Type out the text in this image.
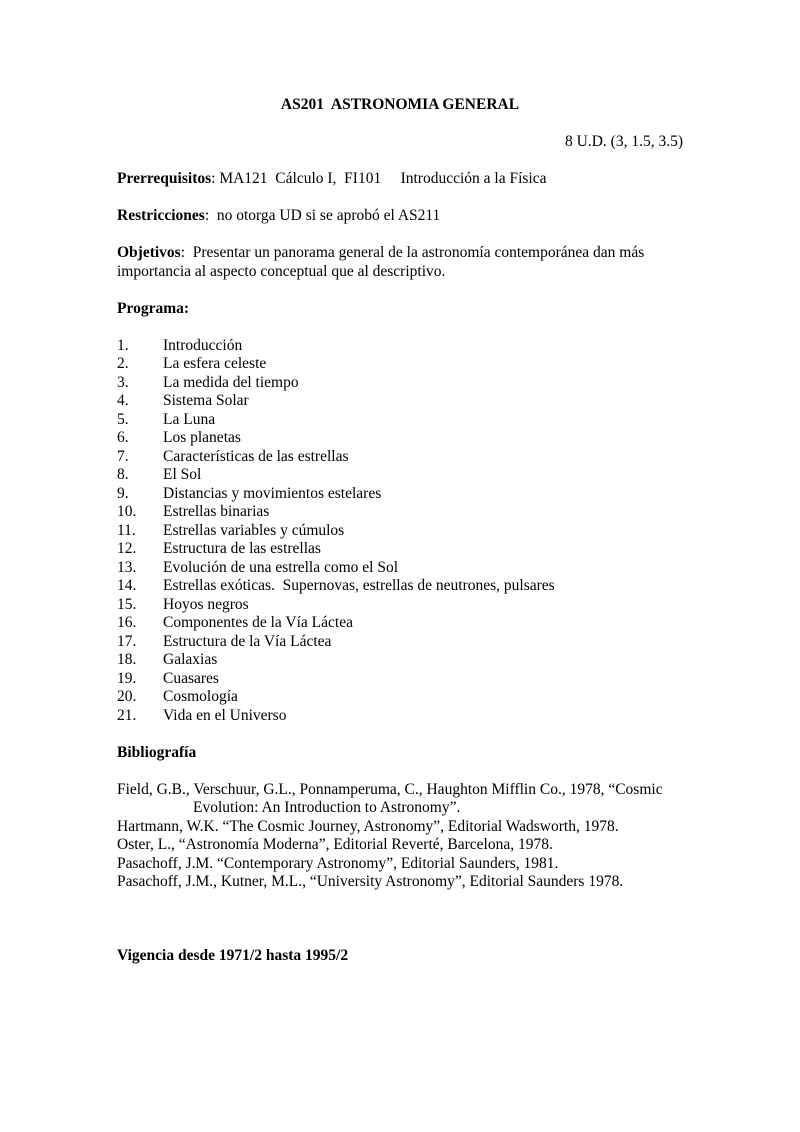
AS201  ASTRONOMIA GENERAL
8 U.D. (3, 1.5, 3.5)
Prerrequisitos: MA121  Cálculo I,  FI101     Introducción a la Física
Restricciones:  no otorga UD si se aprobó el AS211
Objetivos:  Presentar un panorama general de la astronomía contemporánea dan más importancia al aspecto conceptual que al descriptivo.
Programa:
1.	Introducción
2.	La esfera celeste
3.	La medida del tiempo
4.	Sistema Solar
5.	La Luna
6.	Los planetas
7.	Características de las estrellas
8.	El Sol
9.	Distancias y movimientos estelares
10.	Estrellas binarias
11.	Estrellas variables y cúmulos
12.	Estructura de las estrellas
13.	Evolución de una estrella como el Sol
14.	Estrellas exóticas.  Supernovas, estrellas de neutrones, pulsares
15.	Hoyos negros
16.	Componentes de la Vía Láctea
17.	Estructura de la Vía Láctea
18.	Galaxias
19.	Cuasares
20.	Cosmología
21.	Vida en el Universo
Bibliografía
Field, G.B., Verschuur, G.L., Ponnamperuma, C., Haughton Mifflin Co., 1978, “Cosmic
Evolution: An Introduction to Astronomy”.
Hartmann, W.K. “The Cosmic Journey, Astronomy”, Editorial Wadsworth, 1978.
Oster, L., “Astronomía Moderna”, Editorial Reverté, Barcelona, 1978.
Pasachoff, J.M. “Contemporary Astronomy”, Editorial Saunders, 1981.
Pasachoff, J.M., Kutner, M.L., “University Astronomy”, Editorial Saunders 1978.
Vigencia desde 1971/2 hasta 1995/2
